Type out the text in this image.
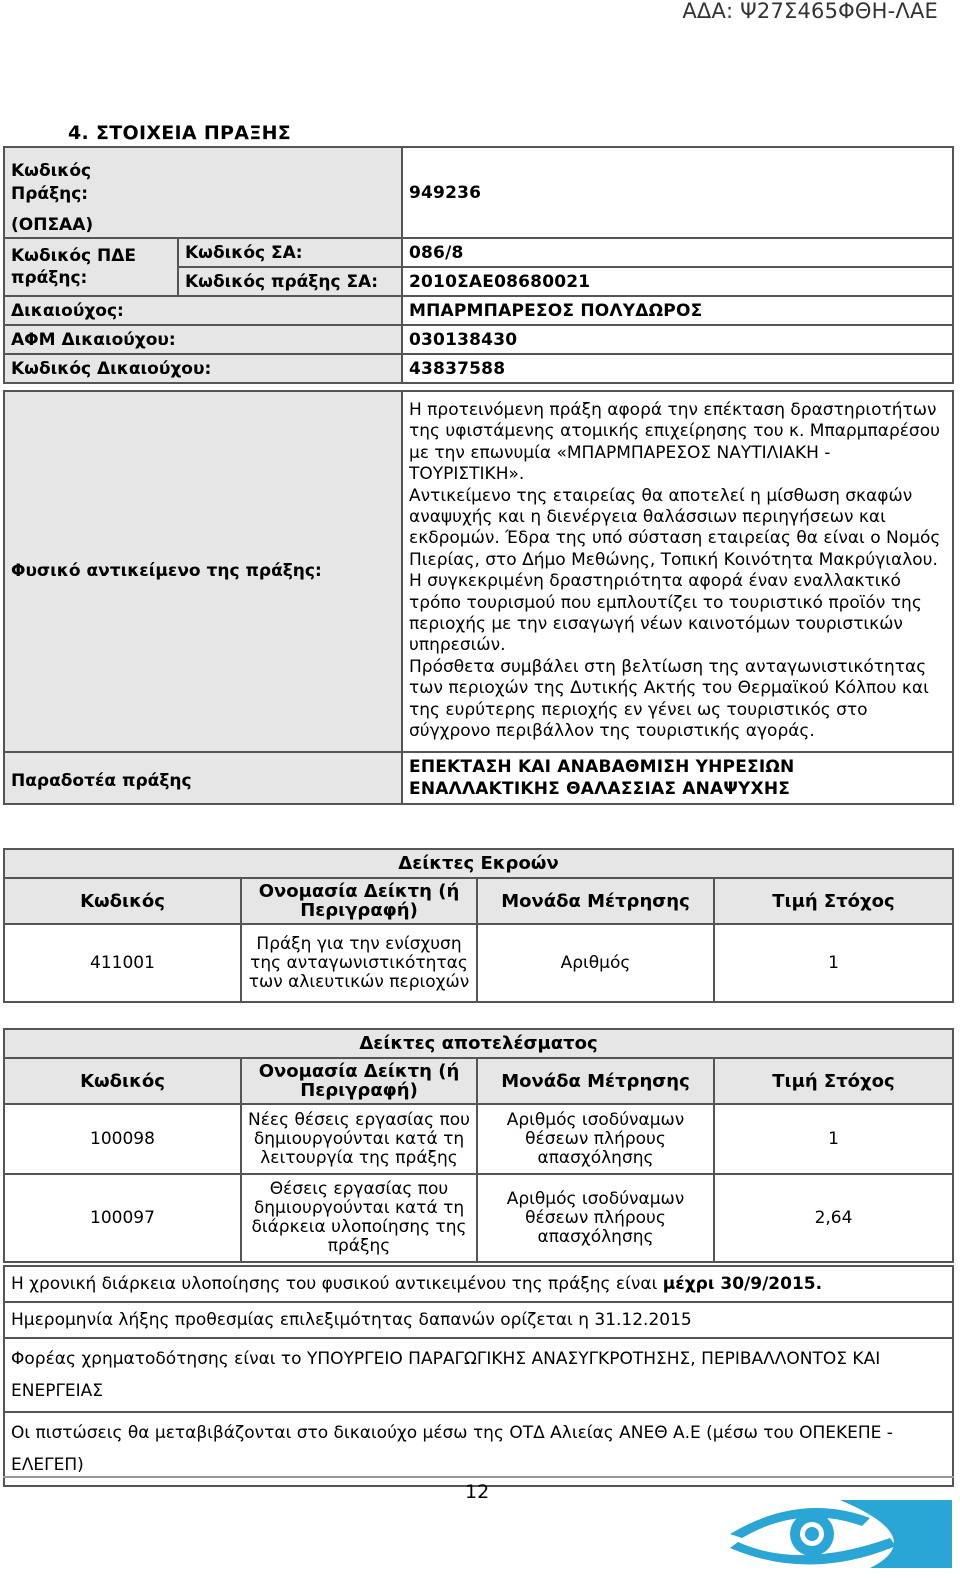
ΑΔΑ: Ψ27Σ465ΦΘΗ-ΛΑΕ
4. ΣΤΟΙΧΕΙΑ ΠΡΑΞΗΣ
Κωδικός
Πράξης:
(ΟΠΣΑΑ)		949236

Κωδικός ΠΔΕ
πράξης:	Κωδικός ΣΑ:	086/8
	Κωδικός πράξης ΣΑ:	2010ΣΑΕ08680021
Δικαιούχος:		ΜΠΑΡΜΠΑΡΕΣΟΣ ΠΟΛΥΔΩΡΟΣ
ΑΦΜ Δικαιούχου:		030138430
Κωδικός Δικαιούχου:		43837588

Φυσικό αντικείμενο της πράξης:		Η προτεινόμενη πράξη αφορά την επέκταση δραστηριοτήτων της υφιστάμενης ατομικής επιχείρησης του κ. Μπαρμπαρέσου με την επωνυμία «ΜΠΑΡΜΠΑΡΕΣΟΣ ΝΑΥΤΙΛΙΑΚΗ - ΤΟΥΡΙΣΤΙΚΗ».

Αντικείμενο της εταιρείας θα αποτελεί η μίσθωση σκαφών αναψυχής και η διενέργεια θαλάσσιων περιηγήσεων και εκδρομών. Έδρα της υπό σύσταση εταιρείας θα είναι ο Νομός Πιερίας, στο Δήμο Μεθώνης, Τοπική Κοινότητα Μακρύγιαλου.

Η συγκεκριμένη δραστηριότητα αφορά έναν εναλλακτικό τρόπο τουρισμού που εμπλουτίζει το τουριστικό προϊόν της περιοχής με την εισαγωγή νέων καινοτόμων τουριστικών υπηρεσιών.

Πρόσθετα συμβάλει στη βελτίωση της ανταγωνιστικότητας των περιοχών της Δυτικής Ακτής του Θερμαϊκού Κόλπου και της ευρύτερης περιοχής εν γένει ως τουριστικός στο σύγχρονο περιβάλλον της τουριστικής αγοράς.

Παραδοτέα πράξης		ΕΠΕΚΤΑΣΗ ΚΑΙ ΑΝΑΒΑΘΜΙΣΗ ΥΗΡΕΣΙΩΝ ΕΝΑΛΛΑΚΤΙΚΗΣ ΘΑΛΑΣΣΙΑΣ ΑΝΑΨΥΧΗΣ
Δείκτες Εκροών			
Κωδικός	Ονομασία Δείκτη (ή Περιγραφή)	Μονάδα Μέτρησης	Τιμή Στόχος
411001	Πράξη για την ενίσχυση της ανταγωνιστικότητας των αλιευτικών περιοχών	Αριθμός	1
Δείκτες αποτελέσματος			
Κωδικός	Ονομασία Δείκτη (ή Περιγραφή)	Μονάδα Μέτρησης	Τιμή Στόχος
100098	Νέες θέσεις εργασίας που δημιουργούνται κατά τη λειτουργία της πράξης	Αριθμός ισοδύναμων θέσεων πλήρους απασχόλησης	1
100097	Θέσεις εργασίας που δημιουργούνται κατά τη διάρκεια υλοποίησης της πράξης	Αριθμός ισοδύναμων θέσεων πλήρους απασχόλησης	2,64
Η χρονική διάρκεια υλοποίησης του φυσικού αντικειμένου της πράξης είναι μέχρι 30/9/2015.
Ημερομηνία λήξης προθεσμίας επιλεξιμότητας δαπανών ορίζεται η 31.12.2015
Φορέας χρηματοδότησης είναι το ΥΠΟΥΡΓΕΙΟ ΠΑΡΑΓΩΓΙΚΗΣ ΑΝΑΣΥΓΚΡΟΤΗΣΗΣ, ΠΕΡΙΒΑΛΛΟΝΤΟΣ ΚΑΙ ΕΝΕΡΓΕΙΑΣ
Οι πιστώσεις θα μεταβιβάζονται στο δικαιούχο μέσω της ΟΤΔ Αλιείας ΑΝΕΘ Α.Ε (μέσω του ΟΠΕΚΕΠΕ - ΕΛΕΓΕΠ)
12
